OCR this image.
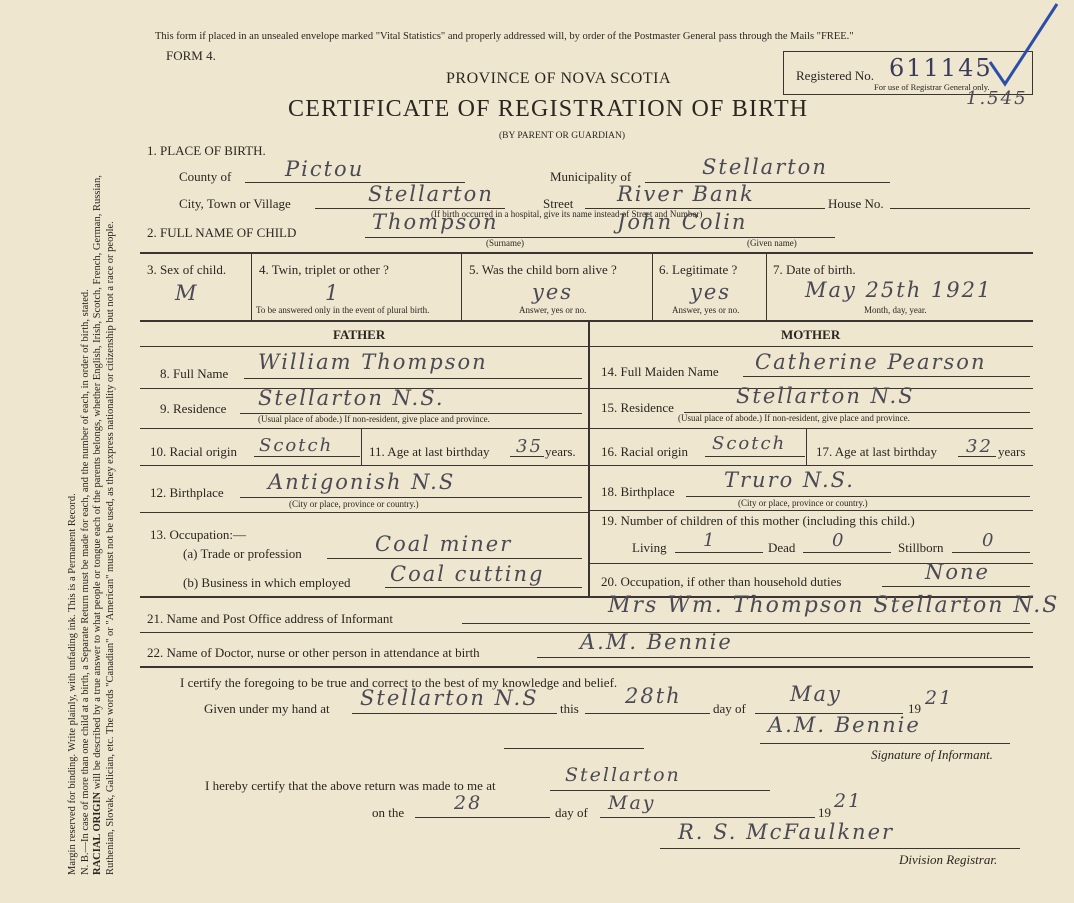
Margin reserved for binding. Write plainly, with unfading ink. This is a Permanent Record. N. B.—In case of more than one child at a birth, a Separate Return must be made for each, and the number of each, in order of birth, stated. RACIAL ORIGIN will be described by a true answer to what people or tongue each of the parents belongs, whether English, Irish, Scotch, French, German, Russian, Ruthenian, Slovak, Galician, etc. The words "Canadian" or "American" must not be used, as they express nationality or citizenship but not a race or people.
This form if placed in an unsealed envelope marked "Vital Statistics" and properly addressed will, by order of the Postmaster General pass through the Mails "FREE."
FORM 4.
PROVINCE OF NOVA SCOTIA
CERTIFICATE OF REGISTRATION OF BIRTH
(BY PARENT OR GUARDIAN)
Registered No. 611145
For use of Registrar General only.
1.545
1. PLACE OF BIRTH.
County of	Pictou	Municipality of	Stellarton
City, Town or Village	Stellarton	Street River Bank	House No.
(If birth occurred in a hospital, give its name instead of Street and Number)
2. FULL NAME OF CHILD	Thompson	John Colin
(Surname)	(Given name)
3. Sex of child.
M
4. Twin, triplet or other ?
1
To be answered only in the event of plural birth.
5. Was the child born alive ?
yes
Answer, yes or no.
6. Legitimate ?
yes
Answer, yes or no.
7. Date of birth.
May 25th 1921
Month, day, year.
FATHER	MOTHER
8. Full Name William Thompson
9. Residence Stellarton N.S.
(Usual place of abode.) If non-resident, give place and province.
10. Racial origin Scotch	11. Age at last birthday 35 years.
12. Birthplace Antigonish N.S
(City or place, province or country.)
13. Occupation:—
(a) Trade or profession	Coal miner
(b) Business in which employed Coal cutting
14. Full Maiden Name Catherine Pearson
15. Residence	Stellarton N.S
(Usual place of abode.) If non-resident, give place and province.
16. Racial origin Scotch 17. Age at last birthday 32 years
18. Birthplace Truro N.S.
(City or place, province or country.)
19. Number of children of this mother (including this child.)
Living 1	Dead 0	Stillborn 0
20. Occupation, if other than household duties	None
21. Name and Post Office address of Informant
Mrs Wm. Thompson Stellarton N.S
22. Name of Doctor, nurse or other person in attendance at birth	A.M. Bennie
I certify the foregoing to be true and correct to the best of my knowledge and belief.
Given under my hand at Stellarton N.S this
28th
day of
May
19 21
A.M. Bennie
Signature of Informant.
I hereby certify that the above return was made to me at	Stellarton
on the	28	day of May	19
21
R. S. McFaulkner
Division Registrar.
